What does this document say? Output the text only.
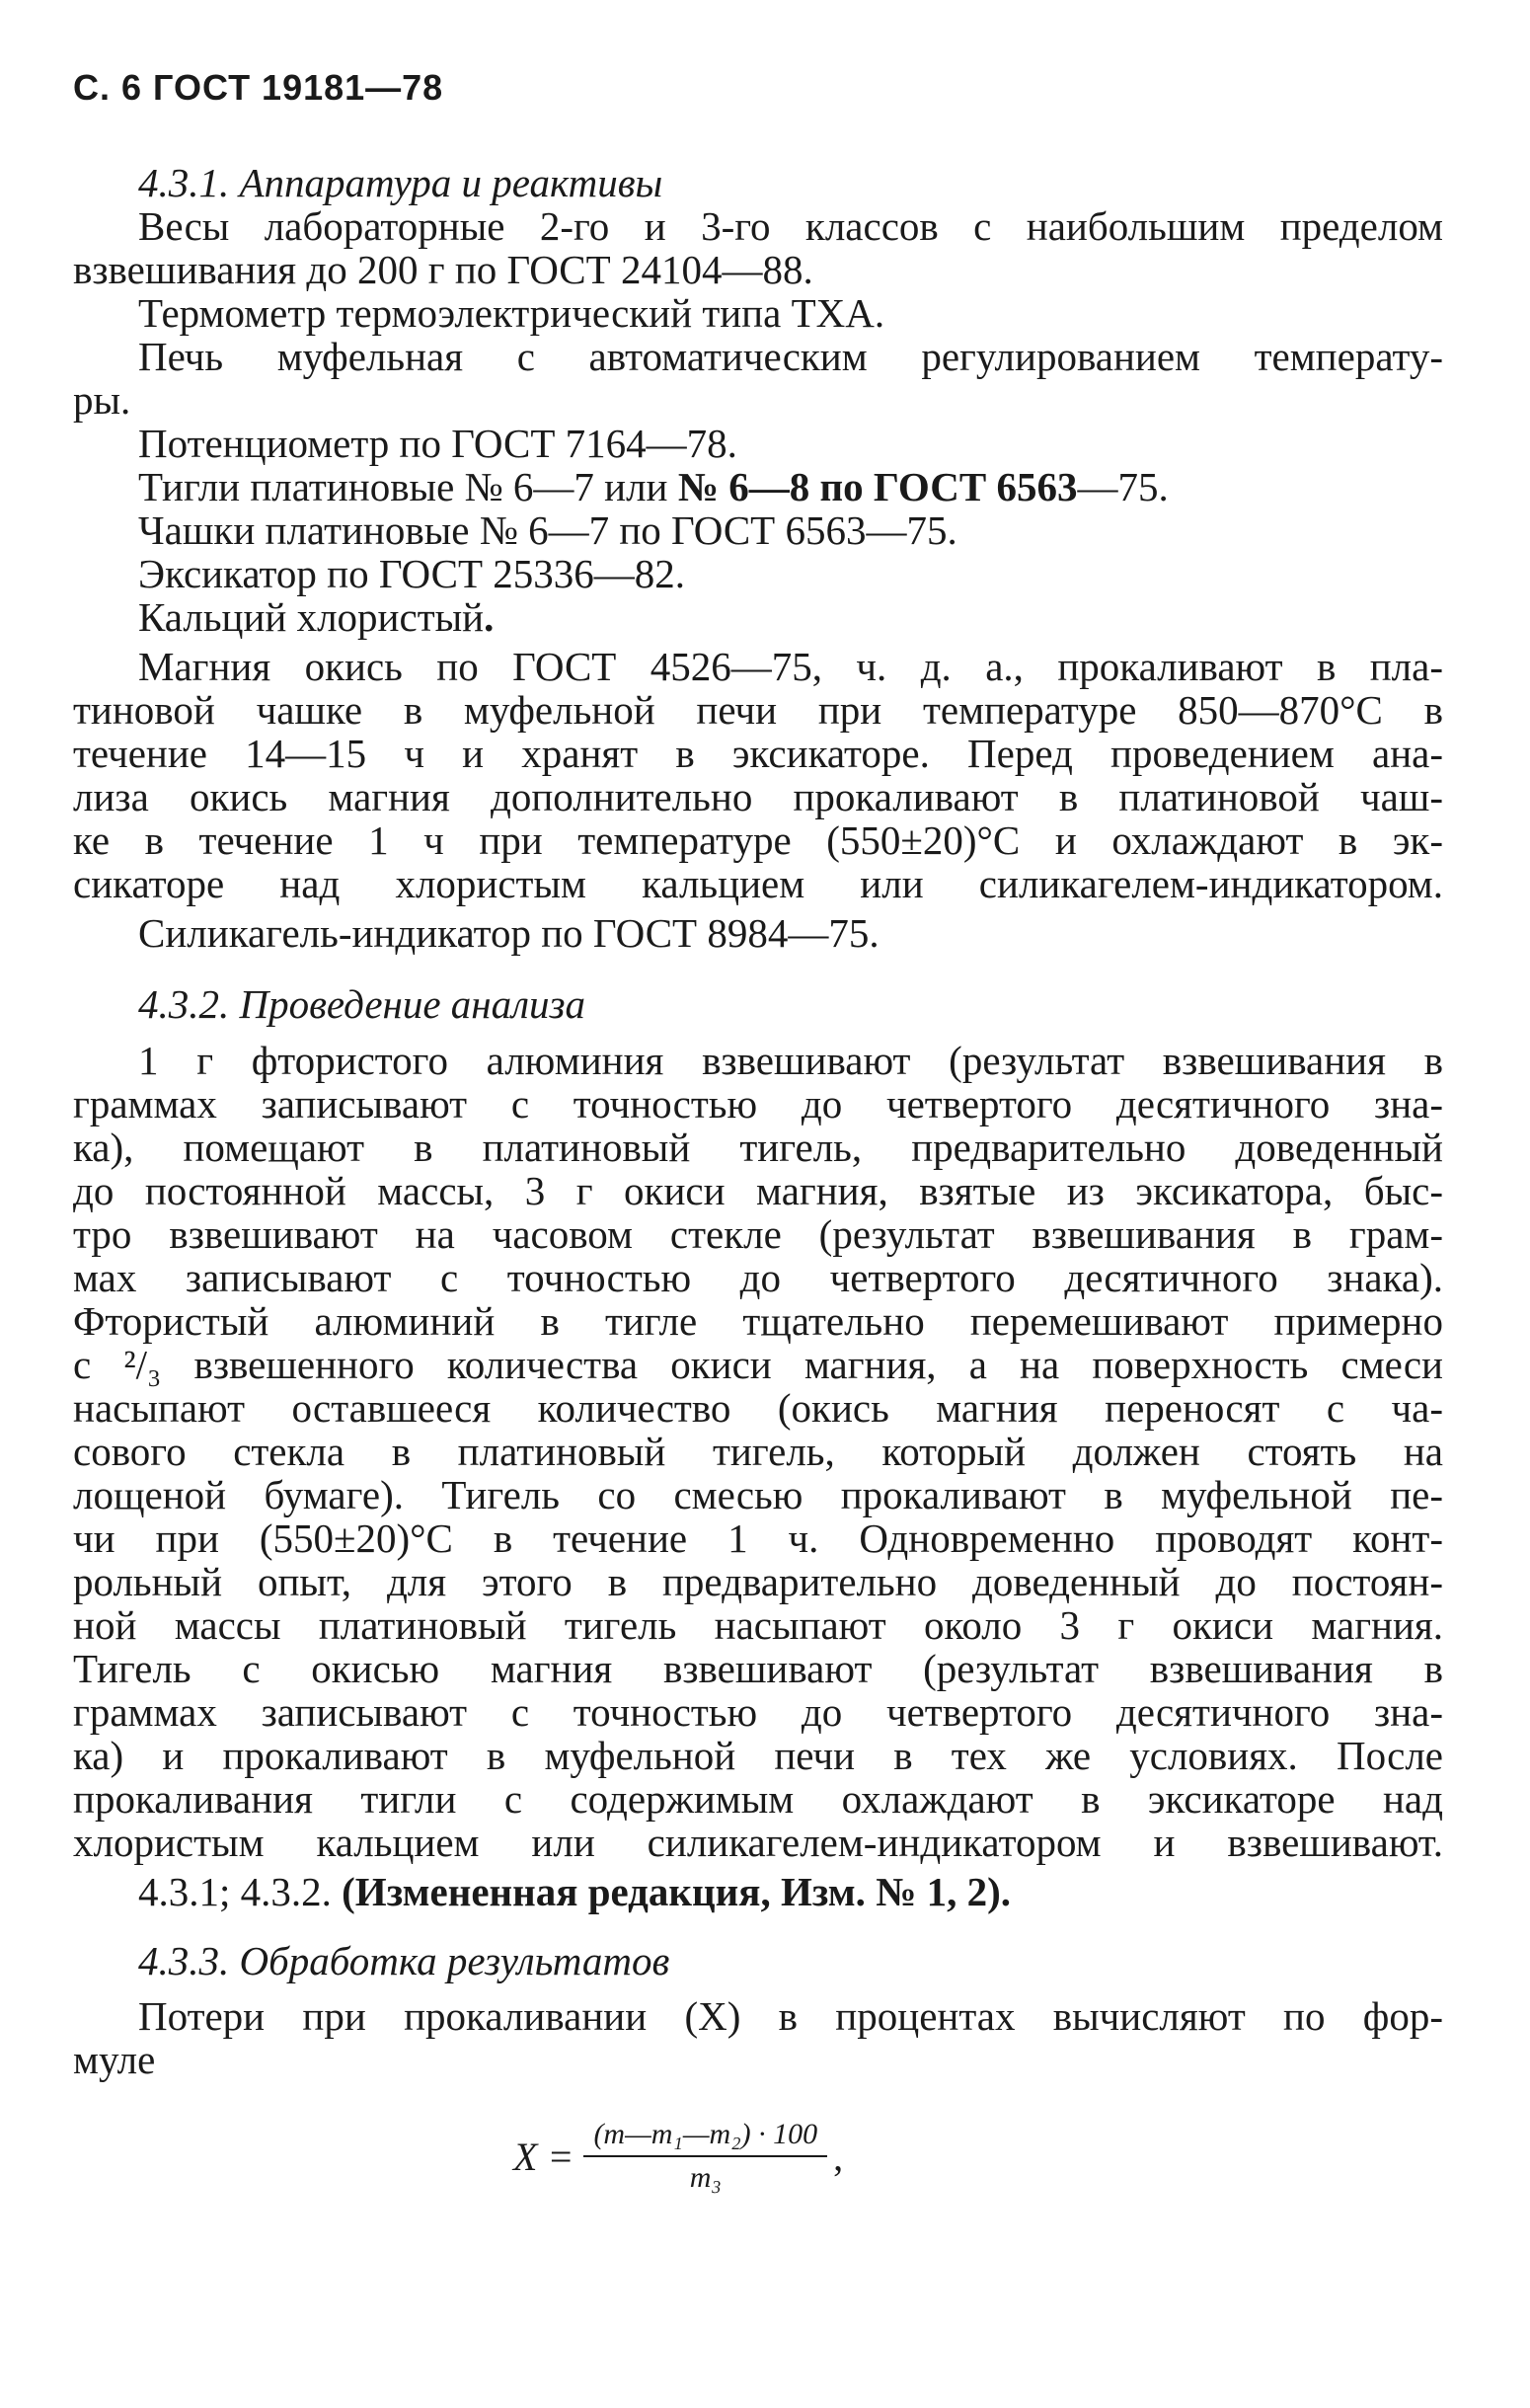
С. 6 ГОСТ 19181—78
4.3.1. Аппаратура и реактивы
Весы лабораторные 2-го и 3-го классов с наибольшим пределом
взвешивания до 200 г по ГОСТ 24104—88.
Термометр термоэлектрический типа ТХА.
Печь муфельная с автоматическим регулированием температу-
ры.
Потенциометр по ГОСТ 7164—78.
Тигли платиновые № 6—7 или № 6—8 по ГОСТ 6563—75.
Чашки платиновые № 6—7 по ГОСТ 6563—75.
Эксикатор по ГОСТ 25336—82.
Кальций хлористый.
Магния окись по ГОСТ 4526—75, ч. д. а., прокаливают в пла-
тиновой чашке в муфельной печи при температуре 850—870°С в
течение 14—15 ч и хранят в эксикаторе. Перед проведением ана-
лиза окись магния дополнительно прокаливают в платиновой чаш-
ке в течение 1 ч при температуре (550±20)°С и охлаждают в эк-
сикаторе над хлористым кальцием или силикагелем-индикатором.
Силикагель-индикатор по ГОСТ 8984—75.
4.3.2. Проведение анализа
1 г фтористого алюминия взвешивают (результат взвешивания в
граммах записывают с точностью до четвертого десятичного зна-
ка), помещают в платиновый тигель, предварительно доведенный
до постоянной массы, 3 г окиси магния, взятые из эксикатора, быс-
тро взвешивают на часовом стекле (результат взвешивания в грам-
мах записывают с точностью до четвертого десятичного знака).
Фтористый алюминий в тигле тщательно перемешивают примерно
с ²/₃ взвешенного количества окиси магния, а на поверхность смеси
насыпают оставшееся количество (окись магния переносят с ча-
сового стекла в платиновый тигель, который должен стоять на
лощеной бумаге). Тигель со смесью прокаливают в муфельной пе-
чи при (550±20)°С в течение 1 ч. Одновременно проводят конт-
рольный опыт, для этого в предварительно доведенный до постоян-
ной массы платиновый тигель насыпают около 3 г окиси магния.
Тигель с окисью магния взвешивают (результат взвешивания в
граммах записывают с точностью до четвертого десятичного зна-
ка) и прокаливают в муфельной печи в тех же условиях. После
прокаливания тигли с содержимым охлаждают в эксикаторе над
хлористым кальцием или силикагелем-индикатором и взвешивают.
4.3.1; 4.3.2. (Измененная редакция, Изм. № 1, 2).
4.3.3. Обработка результатов
Потери при прокаливании (X) в процентах вычисляют по фор-
муле
$X = \frac{\text{(m—m₁—m₂) · 100}}{\text{m₃}}$ ,
